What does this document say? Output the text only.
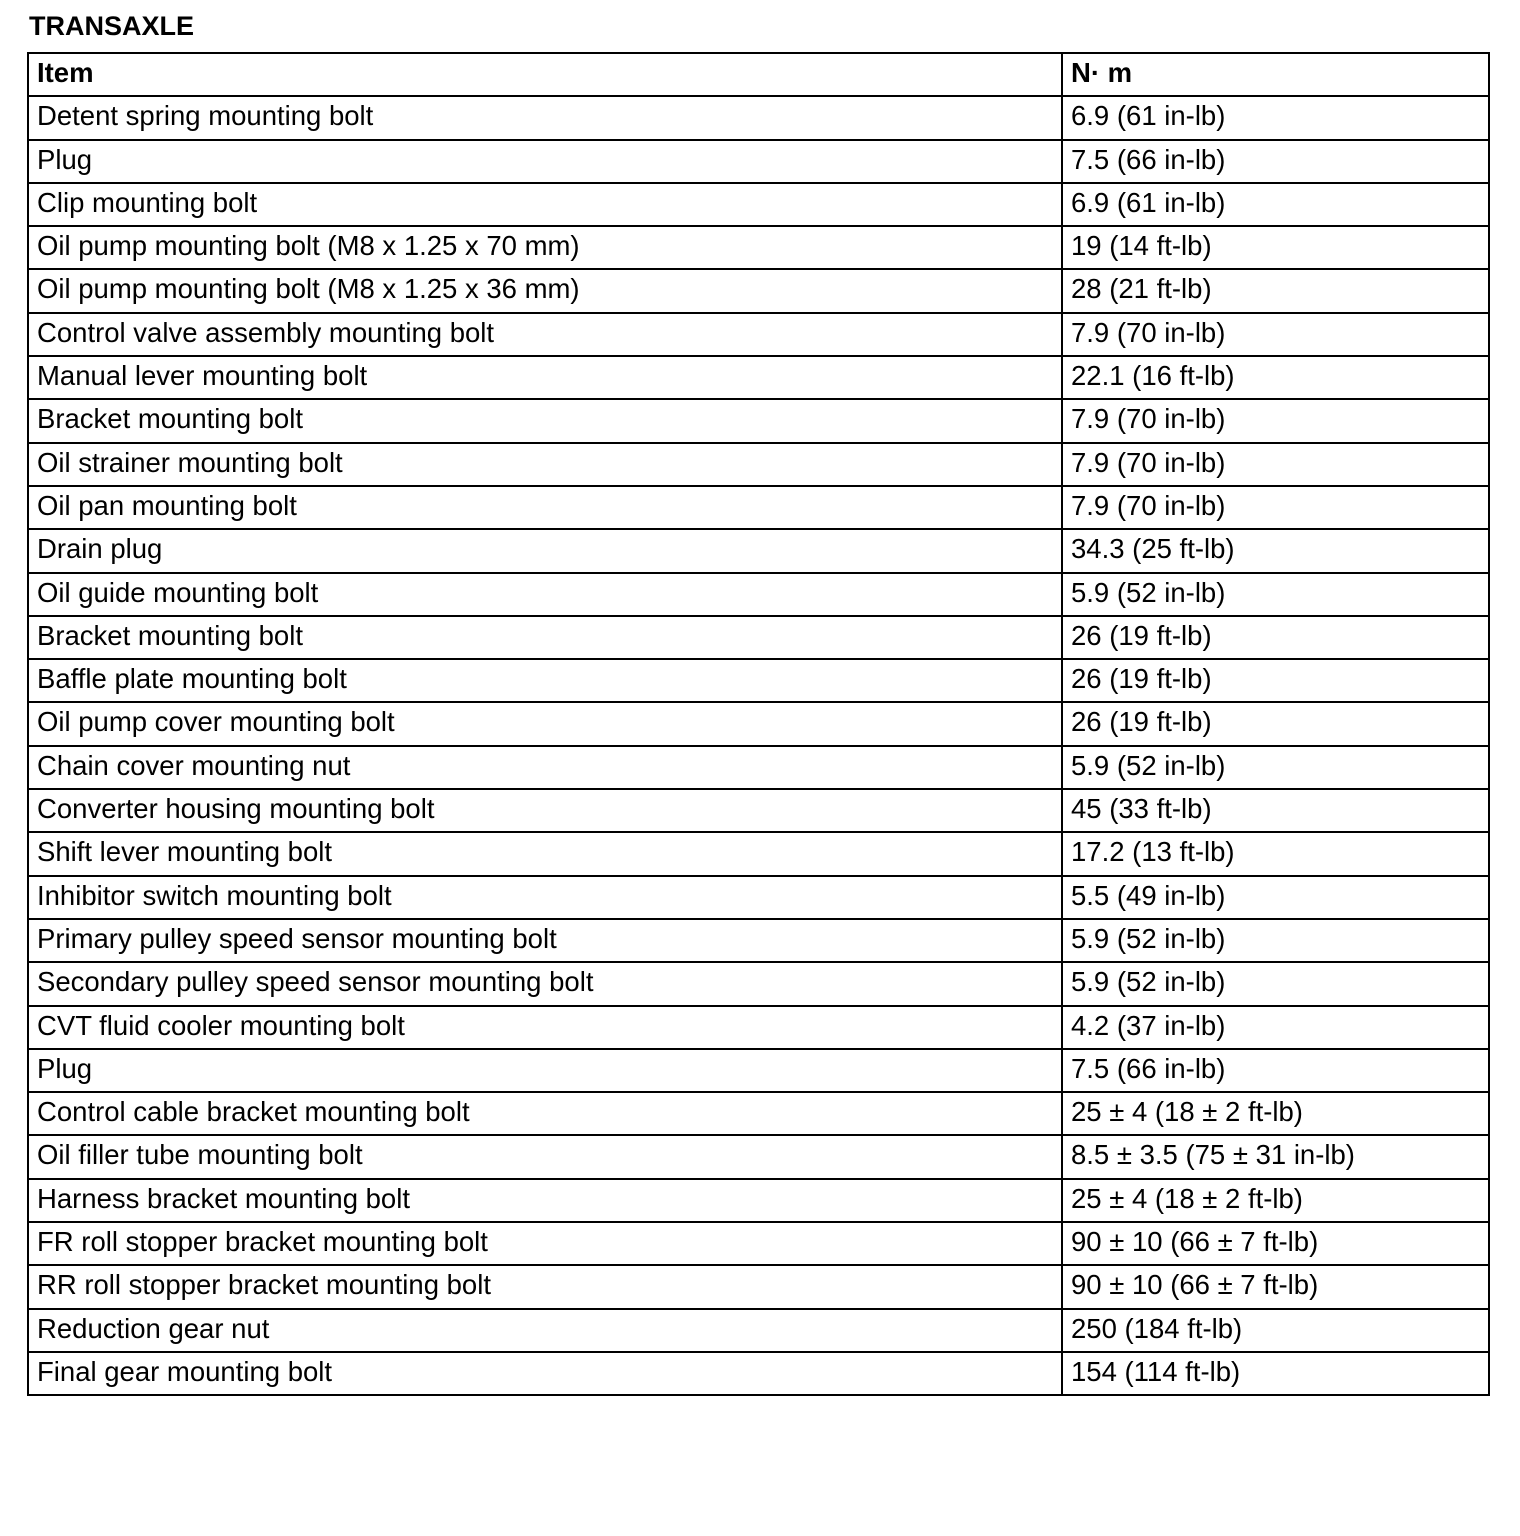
TRANSAXLE
Item	N· m
Detent spring mounting bolt	6.9 (61 in-lb)
Plug	7.5 (66 in-lb)
Clip mounting bolt	6.9 (61 in-lb)
Oil pump mounting bolt (M8 x 1.25 x 70 mm)	19 (14 ft-lb)
Oil pump mounting bolt (M8 x 1.25 x 36 mm)	28 (21 ft-lb)
Control valve assembly mounting bolt	7.9 (70 in-lb)
Manual lever mounting bolt	22.1 (16 ft-lb)
Bracket mounting bolt	7.9 (70 in-lb)
Oil strainer mounting bolt	7.9 (70 in-lb)
Oil pan mounting bolt	7.9 (70 in-lb)
Drain plug	34.3 (25 ft-lb)
Oil guide mounting bolt	5.9 (52 in-lb)
Bracket mounting bolt	26 (19 ft-lb)
Baffle plate mounting bolt	26 (19 ft-lb)
Oil pump cover mounting bolt	26 (19 ft-lb)
Chain cover mounting nut	5.9 (52 in-lb)
Converter housing mounting bolt	45 (33 ft-lb)
Shift lever mounting bolt	17.2 (13 ft-lb)
Inhibitor switch mounting bolt	5.5 (49 in-lb)
Primary pulley speed sensor mounting bolt	5.9 (52 in-lb)
Secondary pulley speed sensor mounting bolt	5.9 (52 in-lb)
CVT fluid cooler mounting bolt	4.2 (37 in-lb)
Plug	7.5 (66 in-lb)
Control cable bracket mounting bolt	25 ± 4 (18 ± 2 ft-lb)
Oil filler tube mounting bolt	8.5 ± 3.5 (75 ± 31 in-lb)
Harness bracket mounting bolt	25 ± 4 (18 ± 2 ft-lb)
FR roll stopper bracket mounting bolt	90 ± 10 (66 ± 7 ft-lb)
RR roll stopper bracket mounting bolt	90 ± 10 (66 ± 7 ft-lb)
Reduction gear nut	250 (184 ft-lb)
Final gear mounting bolt	154 (114 ft-lb)
